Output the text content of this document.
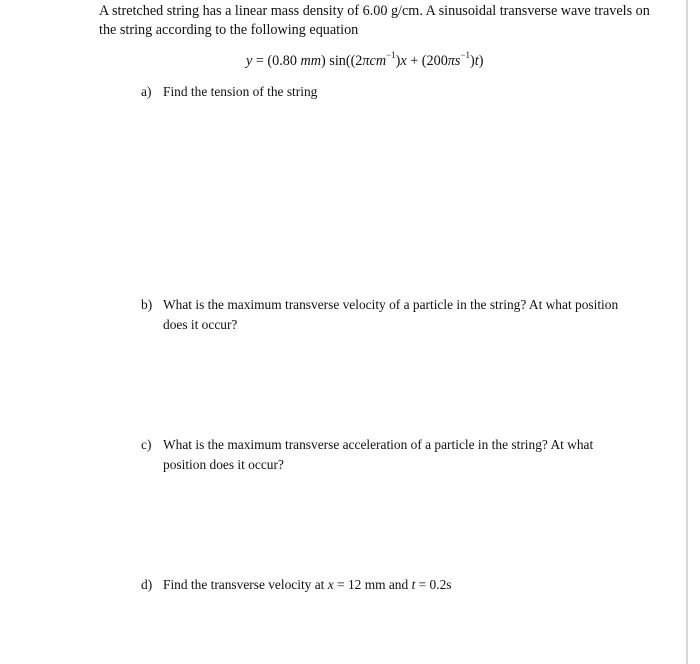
A stretched string has a linear mass density of 6.00 g/cm. A sinusoidal transverse wave travels on
the string according to the following equation

y = (0.80 mm) $\sin((2\pi cm^{-1})x + (200\pi s^{-1})t)$
a) Find the tension of the string
b) What is the maximum transverse velocity of a particle in the string? At what position
does it occur?
c) What is the maximum transverse acceleration of a particle in the string? At what
position does it occur?
d) Find the transverse velocity at x = 12 mm and t = 0.2s
